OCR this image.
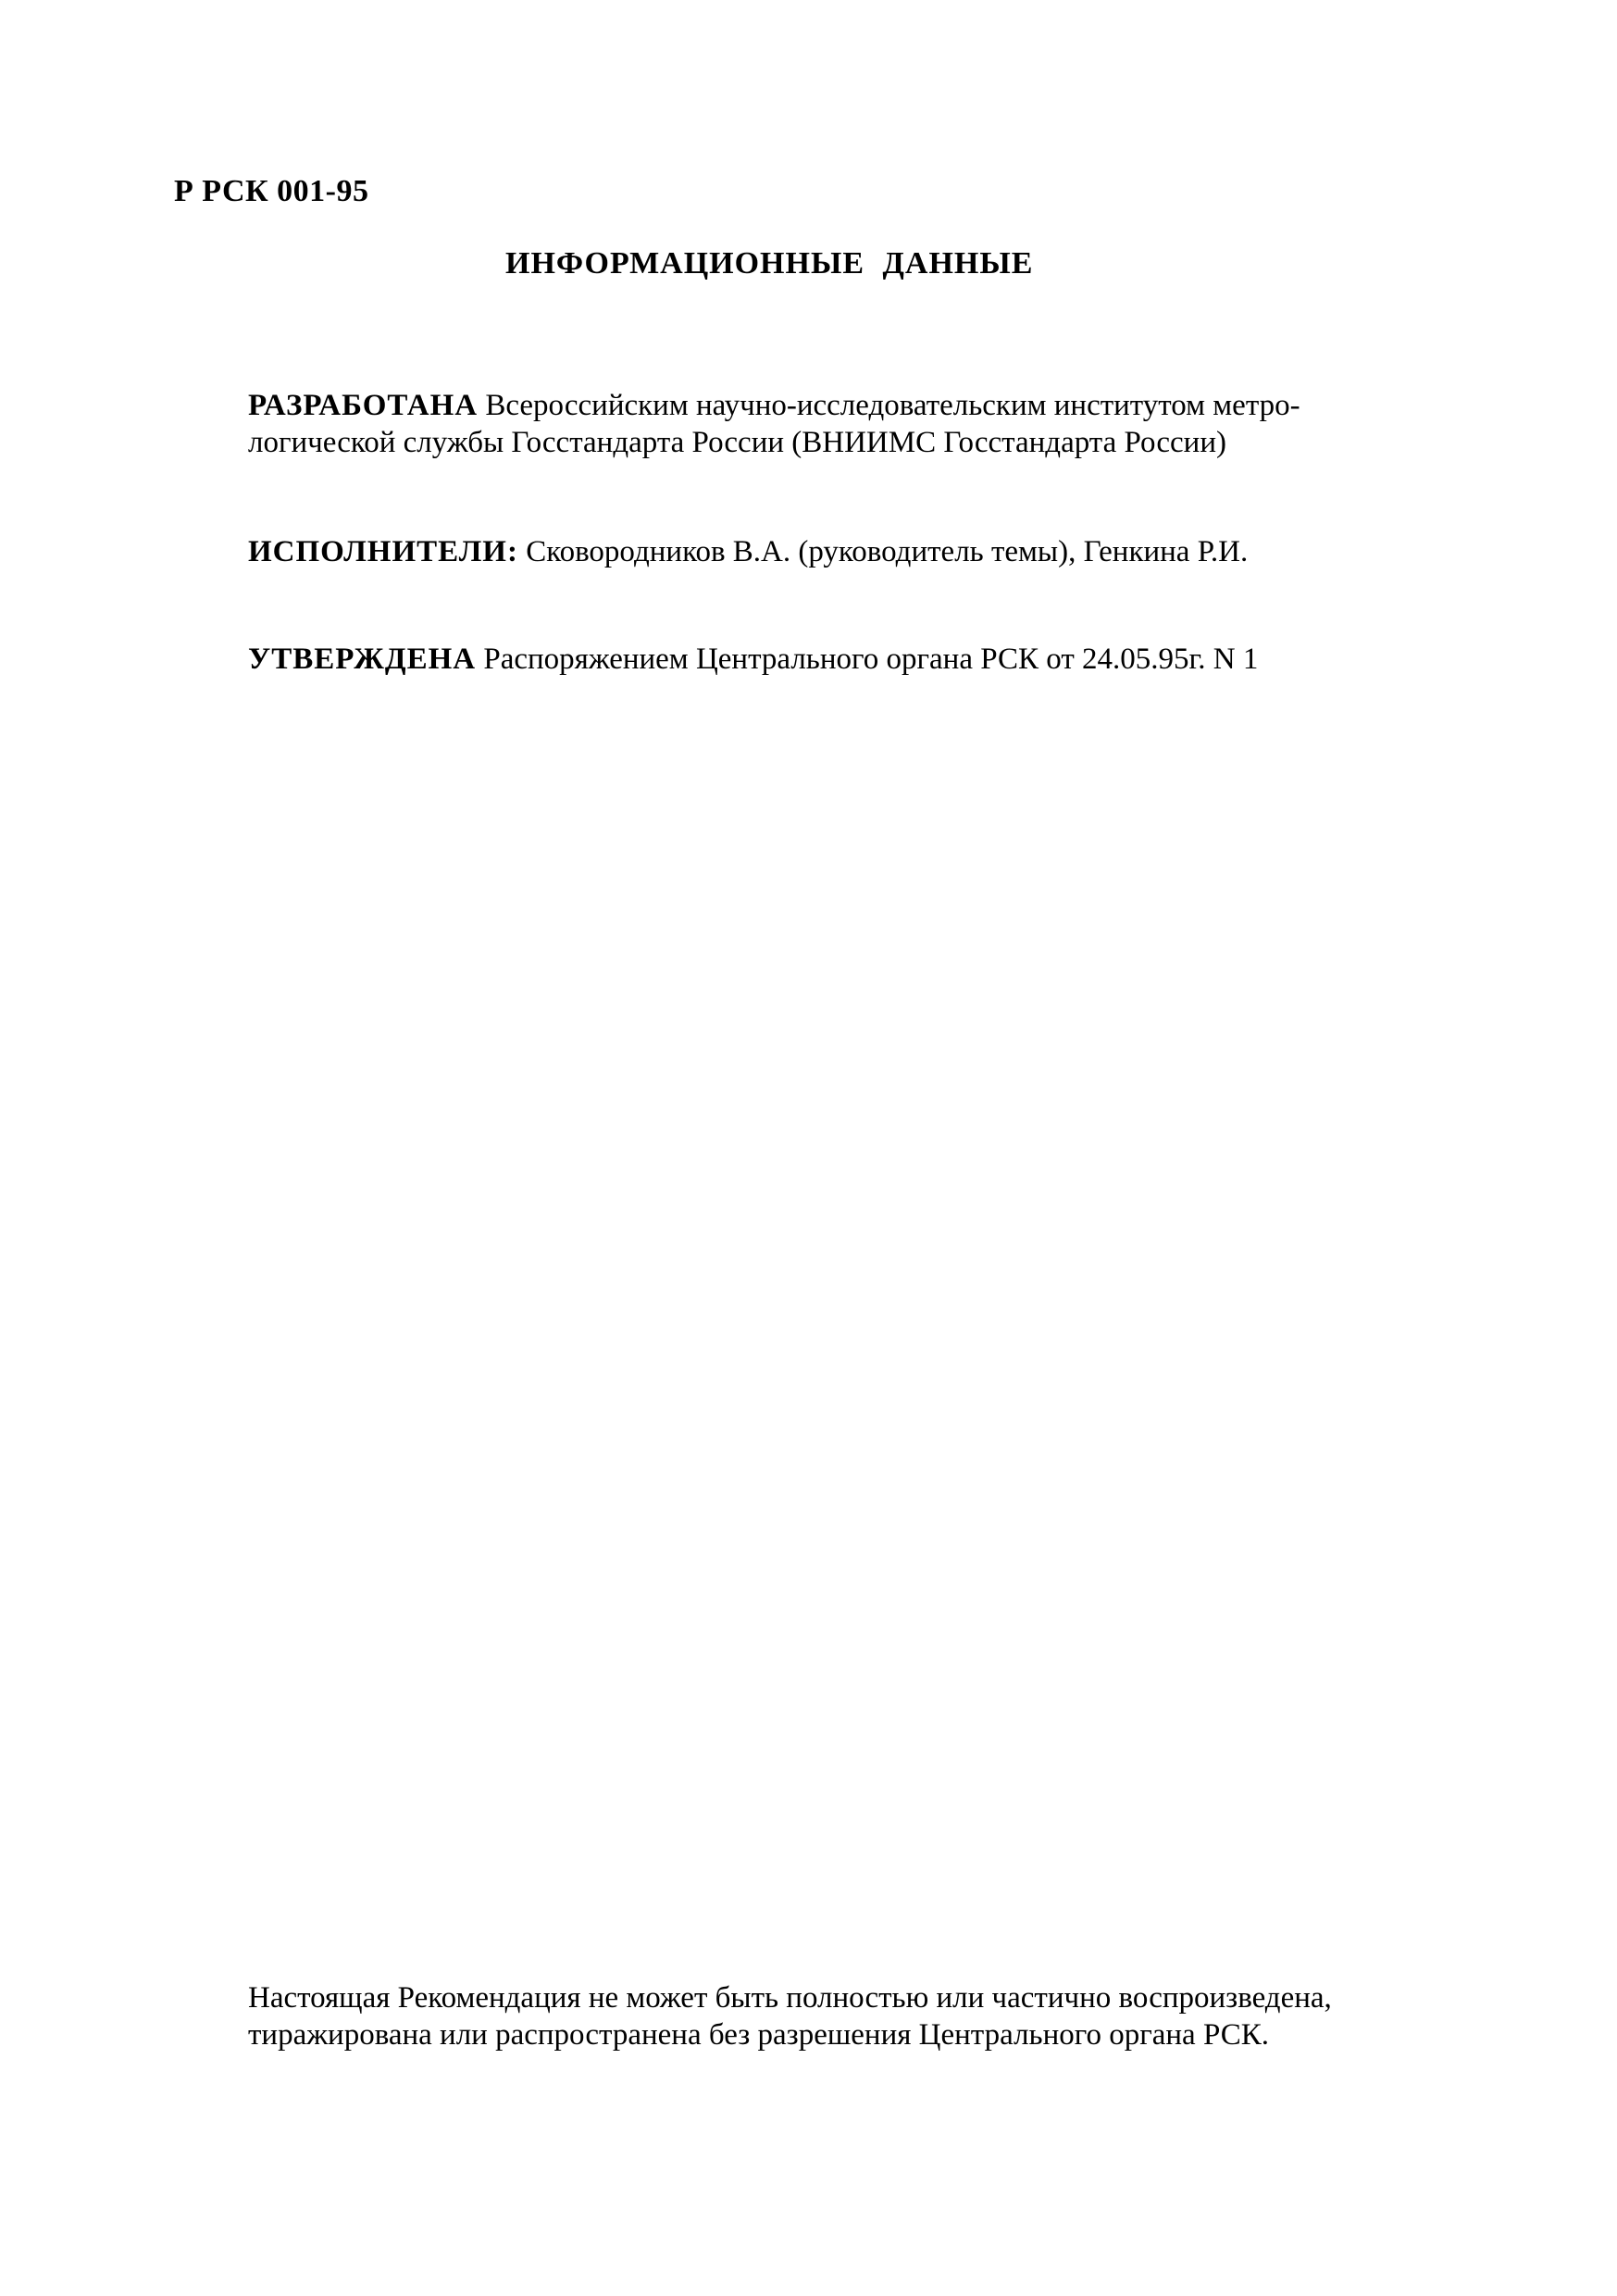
Р РСК 001-95
ИНФОРМАЦИОННЫЕ ДАННЫЕ
РАЗРАБОТАНА Всероссийским научно-исследовательским институтом метро-
логической службы Госстандарта России (ВНИИМС Госстандарта России)
ИСПОЛНИТЕЛИ: Сковородников В.А. (руководитель темы), Генкина Р.И.
УТВЕРЖДЕНА Распоряжением Центрального органа РСК от 24.05.95г. N 1
Настоящая Рекомендация не может быть полностью или частично воспроизведена,
тиражирована или распространена без разрешения Центрального органа РСК.
